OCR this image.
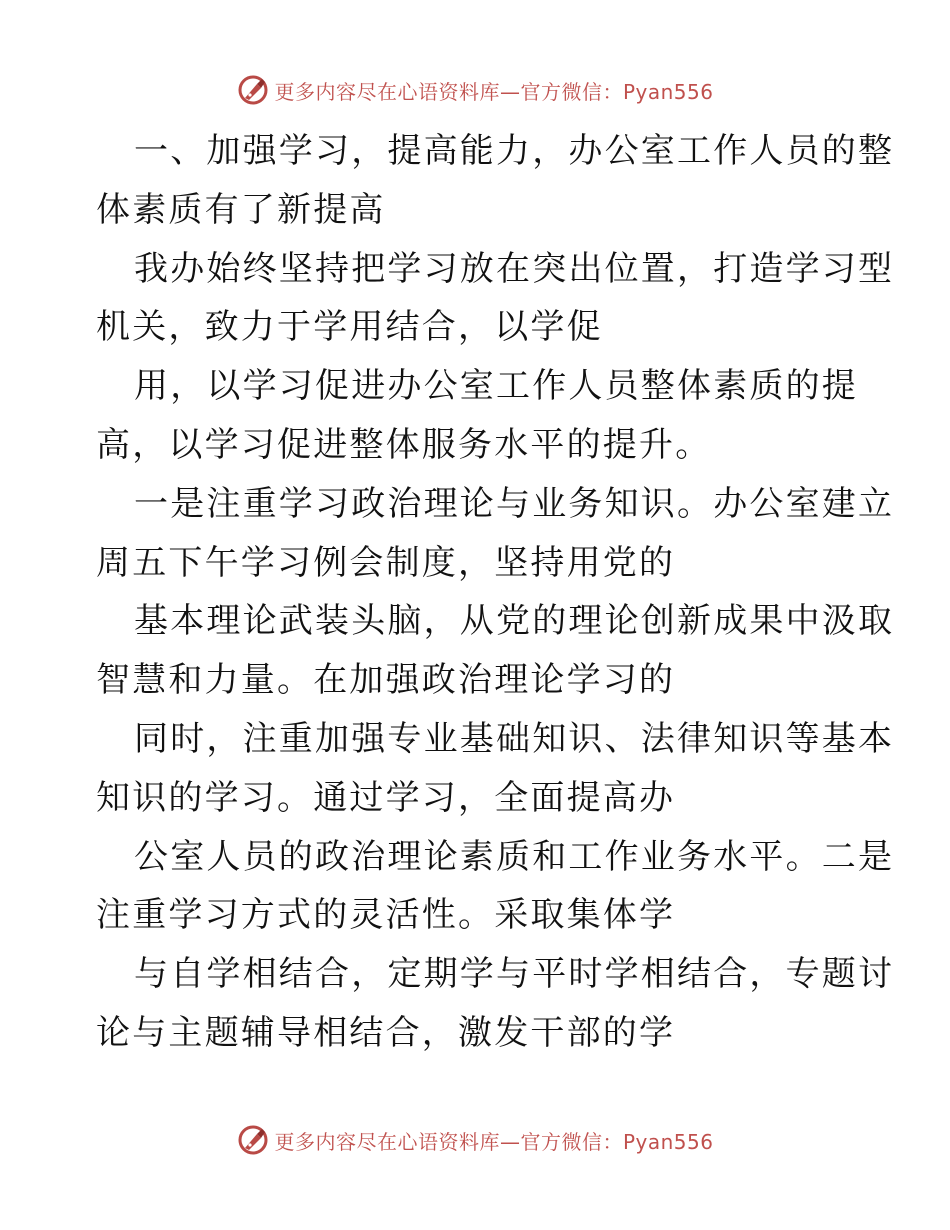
更多内容尽在心语资料库—官方微信：Pyan556
一、加强学习，提高能力，办公室工作人员的整
体素质有了新提高
我办始终坚持把学习放在突出位置，打造学习型
机关，致力于学用结合，以学促
用，以学习促进办公室工作人员整体素质的提
高，以学习促进整体服务水平的提升。
一是注重学习政治理论与业务知识。办公室建立
周五下午学习例会制度，坚持用党的
基本理论武装头脑，从党的理论创新成果中汲取
智慧和力量。在加强政治理论学习的
同时，注重加强专业基础知识、法律知识等基本
知识的学习。通过学习，全面提高办
公室人员的政治理论素质和工作业务水平。二是
注重学习方式的灵活性。采取集体学
与自学相结合，定期学与平时学相结合，专题讨
论与主题辅导相结合，激发干部的学
更多内容尽在心语资料库—官方微信：Pyan556
